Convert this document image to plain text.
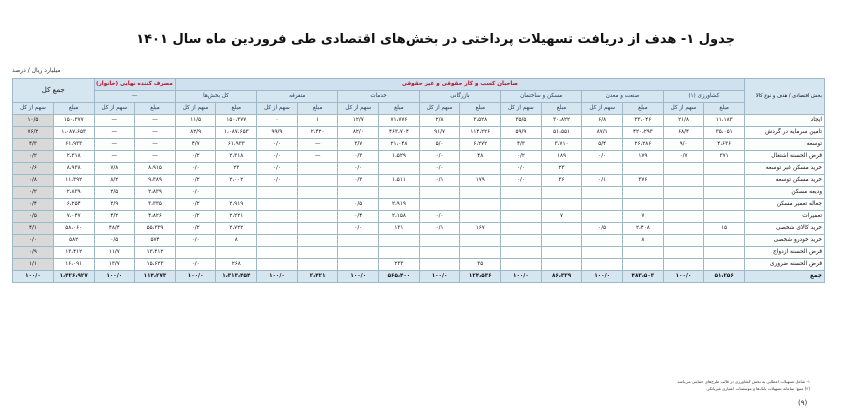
جدول ۱- هدف از دریافت تسهیلات پرداختی در بخش‌های اقتصادی طی فروردین ماه سال ۱۴۰۱
میلیارد ریال / درصد
بخش اقتصادی / هدف و نوع کالا	صاحبان کسب و کار حقوقی و غیر حقوقی														مصرف کننده نهایی (خانوار)		جمع کل	
	کشاورزی (۱)		صنعت و معدن		مسکن و ساختمان		بازرگانی		خدمات		متفرقه		کل بخش‌ها		—			
	مبلغ	سهم از کل	مبلغ	سهم از کل	مبلغ	سهم از کل	مبلغ	سهم از کل	مبلغ	سهم از کل	مبلغ	سهم از کل	مبلغ	سهم از کل	مبلغ	سهم از کل	مبلغ	سهم از کل
ایجاد	۱۱،۱۸۳	۲۱/۸	۳۳،۰۴۶	۶/۸	۳۰،۸۲۲	۳۵/۵	۳،۵۲۸	۲/۸	۷۱،۷۷۶	۱۲/۷	۱	۰	۱۵۰،۳۷۷	۱۱/۵	—	—	۱۵۰،۳۷۷	۱۰/۵
تامین سرمایه در گردش	۳۵،۰۵۱	۶۸/۴	۴۲۰،۲۹۳	۸۷/۱	۵۱،۵۵۱	۵۹/۹	۱۱۴،۲۲۶	۹۱/۷	۴۶۳،۷۰۴	۸۲/۰	۲،۴۲۰	۹۹/۹	۱،۰۸۷،۶۵۳	۸۲/۹	—	—	۱،۰۸۷،۶۵۳	۷۶/۲
توسعه	۴،۶۳۶	۹/۰	۲۶،۲۸۶	۵/۴	۳،۷۱۰	۴/۳	۶،۲۷۲	۵/۰	۲۱،۰۴۸	۳/۷	—	۰/۰	۶۱،۹۳۳	۴/۷	—	—	۶۱،۹۳۳	۴/۳
قرض الحسنه اشتغال	۳۷۱	۰/۷	۱۷۹	۰/۰	۱۸۹	۰/۲	۴۸	۰/۰	۱،۵۲۹	۰/۳	—	۰/۰	۲،۳۱۸	۰/۲	—	—	۲،۳۱۸	۰/۲
خرید مسکن غیر توسعه					۲۳	۰/۰		۰/۰		۰/۰		۰/۰	۲۳	۰/۰	۸،۹۱۵	۷/۸	۸،۹۳۸	۰/۶
خرید مسکن توسعه			۳۷۶	۰/۱	۳۶	۰/۰	۱۷۹	۰/۱	۱،۵۱۱	۰/۳		۰/۰	۲،۰۰۲	۰/۲	۹،۳۸۹	۸/۲	۱۱،۳۹۲	۰/۸
ودیعه مسکن														۰/۰	۲،۸۳۹	۲/۵	۲،۸۳۹	۰/۲
جعاله تعمیر مسکن									۲،۹۱۹	۰/۵			۲،۹۱۹	۰/۲	۳،۳۳۵	۲/۹	۶،۲۵۴	۰/۴
تعمیرات			۷		۷			۰/۰	۲،۱۵۸	۰/۴			۲،۲۲۱	۰/۲	۴،۸۲۶	۴/۲	۷،۰۴۷	۰/۵
خرید کالای شخصی	۱۵		۲،۴۰۸	۰/۵			۱۶۷	۰/۱	۱۳۱	۰/۰			۲،۷۲۲	۰/۲	۵۵،۳۳۹	۴۸/۴	۵۸،۰۶۰	۴/۱
خرید خودرو شخصی			۸										۸	۰/۰	۵۷۴	۰/۵	۵۸۲	۰/۰
قرض الحسنه ازدواج															۱۳،۴۱۲	۱۱/۷	۱۳،۴۱۲	۰/۹
قرض الحسنه ضروری							۳۵		۲۳۳				۲۶۸	۰/۰	۱۵،۶۲۳	۱۳/۷	۱۶،۰۹۱	۱/۱
جمع	۵۱،۲۵۶	۱۰۰/۰	۴۸۳،۵۰۳	۱۰۰/۰	۸۶،۳۳۹	۱۰۰/۰	۱۲۴،۵۳۶	۱۰۰/۰	۵۶۵،۴۰۰	۱۰۰/۰	۲،۴۲۱	۱۰۰/۰	۱،۳۱۳،۴۵۴	۱۰۰/۰	۱۱۴،۲۷۳	۱۰۰/۰	۱،۴۲۶،۹۲۷	۱۰۰/۰
۱- شامل تسهیلات اعطایی به بخش کشاورزی در قالب طرح‌های حمایتی می‌باشد
(۲) منبع: سامانه تسهیلات بانک‌ها و موسسات اعتباری غیربانکی
(۹)
